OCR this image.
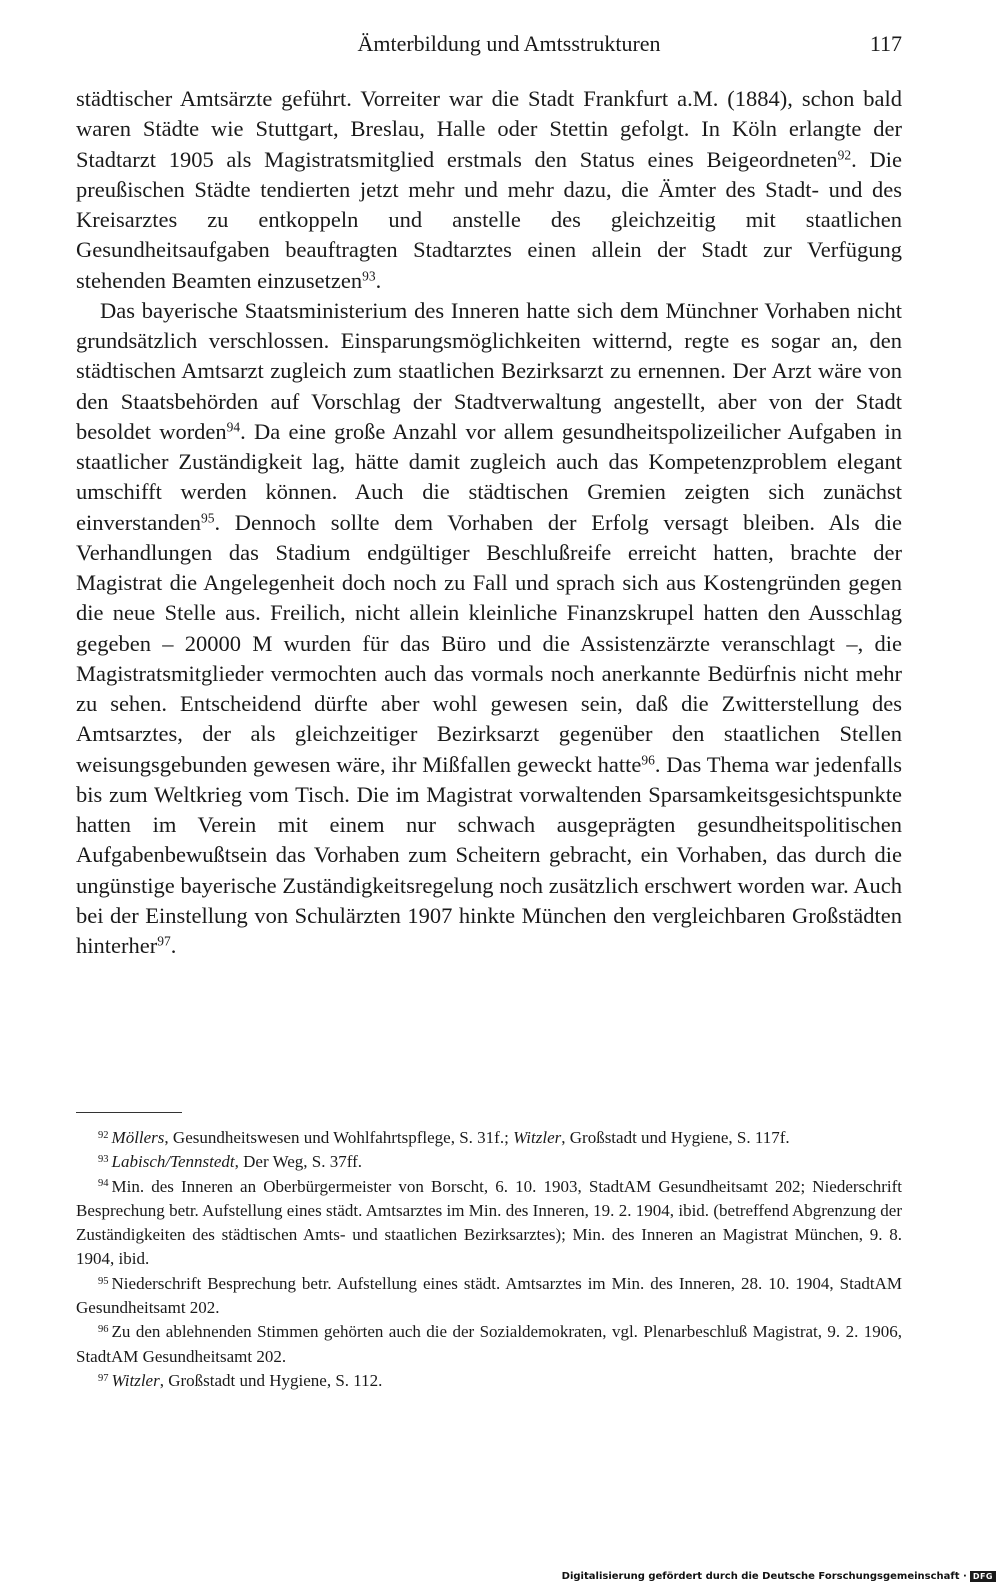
Ämterbildung und Amtsstrukturen	117

städtischer Amtsärzte geführt. Vorreiter war die Stadt Frankfurt a.M. (1884), schon bald waren Städte wie Stuttgart, Breslau, Halle oder Stettin gefolgt. In Köln erlangte der Stadtarzt 1905 als Magistratsmitglied erstmals den Status eines Beigeordneten$^{92}$. Die preußischen Städte tendierten jetzt mehr und mehr dazu, die Ämter des Stadt- und des Kreisarztes zu entkoppeln und anstelle des gleichzeitig mit staatlichen Gesundheitsaufgaben beauftragten Stadtarztes einen allein der Stadt zur Verfügung stehenden Beamten einzusetzen$^{93}$.

Das bayerische Staatsministerium des Inneren hatte sich dem Münchner Vorhaben nicht grundsätzlich verschlossen. Einsparungsmöglichkeiten witternd, regte es sogar an, den städtischen Amtsarzt zugleich zum staatlichen Bezirksarzt zu ernennen. Der Arzt wäre von den Staatsbehörden auf Vorschlag der Stadtverwaltung angestellt, aber von der Stadt besoldet worden$^{94}$. Da eine große Anzahl vor allem gesundheitspolizeilicher Aufgaben in staatlicher Zuständigkeit lag, hätte damit zugleich auch das Kompetenzproblem elegant umschifft werden können. Auch die städtischen Gremien zeigten sich zunächst einverstanden$^{95}$. Dennoch sollte dem Vorhaben der Erfolg versagt bleiben. Als die Verhandlungen das Stadium endgültiger Beschlußreife erreicht hatten, brachte der Magistrat die Angelegenheit doch noch zu Fall und sprach sich aus Kostengründen gegen die neue Stelle aus. Freilich, nicht allein kleinliche Finanzskrupel hatten den Ausschlag gegeben – 20000 M wurden für das Büro und die Assistenzärzte veranschlagt –, die Magistratsmitglieder vermochten auch das vormals noch anerkannte Bedürfnis nicht mehr zu sehen. Entscheidend dürfte aber wohl gewesen sein, daß die Zwitterstellung des Amtsarztes, der als gleichzeitiger Bezirksarzt gegenüber den staatlichen Stellen weisungsgebunden gewesen wäre, ihr Mißfallen geweckt hatte$^{96}$. Das Thema war jedenfalls bis zum Weltkrieg vom Tisch. Die im Magistrat vorwaltenden Sparsamkeitsgesichtspunkte hatten im Verein mit einem nur schwach ausgeprägten gesundheitspolitischen Aufgabenbewußtsein das Vorhaben zum Scheitern gebracht, ein Vorhaben, das durch die ungünstige bayerische Zuständigkeitsregelung noch zusätzlich erschwert worden war. Auch bei der Einstellung von Schulärzten 1907 hinkte München den vergleichbaren Großstädten hinterher$^{97}$.

$^{92}$ Möllers, Gesundheitswesen und Wohlfahrtspflege, S. 31f.; Witzler, Großstadt und Hygiene, S. 117f.

$^{93}$ Labisch/Tennstedt, Der Weg, S. 37ff.

$^{94}$ Min. des Inneren an Oberbürgermeister von Borscht, 6. 10. 1903, StadtAM Gesundheitsamt 202; Niederschrift Besprechung betr. Aufstellung eines städt. Amtsarztes im Min. des Inneren, 19. 2. 1904, ibid. (betreffend Abgrenzung der Zuständigkeiten des städtischen Amts- und staatlichen Bezirksarztes); Min. des Inneren an Magistrat München, 9. 8. 1904, ibid.

$^{95}$ Niederschrift Besprechung betr. Aufstellung eines städt. Amtsarztes im Min. des Inneren, 28. 10. 1904, StadtAM Gesundheitsamt 202.

$^{96}$ Zu den ablehnenden Stimmen gehörten auch die der Sozialdemokraten, vgl. Plenarbeschluß Magistrat, 9. 2. 1906, StadtAM Gesundheitsamt 202.

$^{97}$ Witzler, Großstadt und Hygiene, S. 112.

Digitalisierung gefördert durch die Deutsche Forschungsgemeinschaft · DFG
